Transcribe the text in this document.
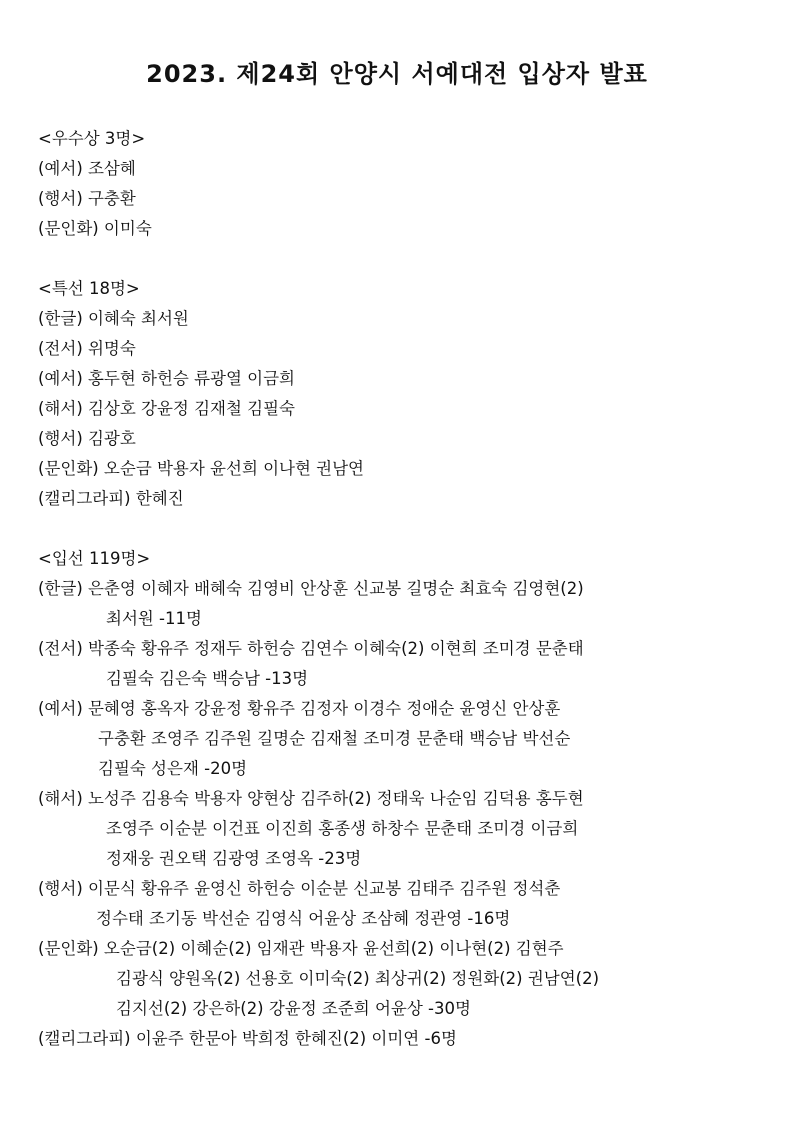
2023. 제24회 안양시 서예대전 입상자 발표
<우수상 3명>
(예서) 조삼혜
(행서) 구충환
(문인화) 이미숙
<특선 18명>
(한글) 이혜숙 최서원
(전서) 위명숙
(예서) 홍두현 하헌승 류광열 이금희
(해서) 김상호 강윤정 김재철 김필숙
(행서) 김광호
(문인화) 오순금 박용자 윤선희 이나현 권남연
(캘리그라피) 한혜진
<입선 119명>
(한글) 은춘영 이혜자 배혜숙 김영비 안상훈 신교봉 길명순 최효숙 김영현(2)
최서원 -11명
(전서) 박종숙 황유주 정재두 하헌승 김연수 이혜숙(2) 이현희 조미경 문춘태
김필숙 김은숙 백승남 -13명
(예서) 문혜영 홍옥자 강윤정 황유주 김정자 이경수 정애순 윤영신 안상훈
구충환 조영주 김주원 길명순 김재철 조미경 문춘태 백승남 박선순
김필숙 성은재 -20명
(해서) 노성주 김용숙 박용자 양현상 김주하(2) 정태욱 나순임 김덕용 홍두현
조영주 이순분 이건표 이진희 홍종생 하창수 문춘태 조미경 이금희
정재웅 권오택 김광영 조영옥 -23명
(행서) 이문식 황유주 윤영신 하헌승 이순분 신교봉 김태주 김주원 정석춘
정수태 조기동 박선순 김영식 어윤상 조삼혜 정관영 -16명
(문인화) 오순금(2) 이혜순(2) 임재관 박용자 윤선희(2) 이나현(2) 김현주
김광식 양원옥(2) 선용호 이미숙(2) 최상귀(2) 정원화(2) 권남연(2)
김지선(2) 강은하(2) 강윤정 조준희 어윤상 -30명
(캘리그라피) 이윤주 한문아 박희정 한혜진(2) 이미연 -6명
